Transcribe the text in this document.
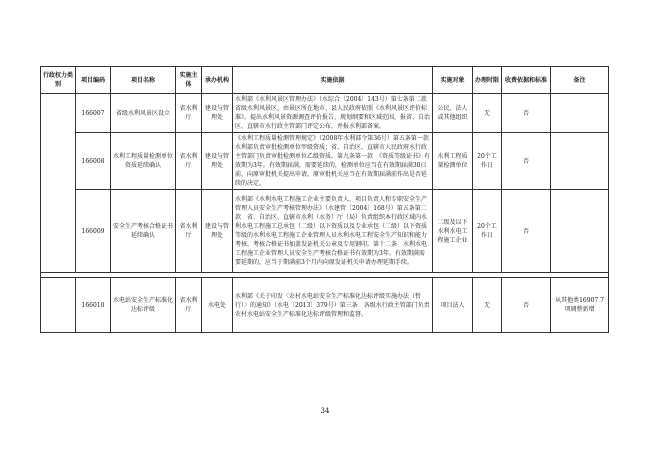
行政权力类别	项目编码	项目名称	实施主体	承办机构	实施依据	实施对象	办理时限	收费依据和标准	备注
	166007	省级水利风景区设立	省水利厅	建设与管理处	水利部《水利风景区管理办法》（水综合〔2004〕143号）第七条第二款　省级水利风景区，由景区所在地市、县人民政府依照《水利风景区评价标准》，提出水利风景资源调查评价报告、规划纲要和区域范围，报省、自治区、直辖市水行政主管部门评定公布，并报水利部备案。	公民、法人或其他组织	无	否	
	166008	水利工程质量检测单位资质延续确认	省水利厅	建设与管理处	《水利工程质量检测管理规定》（2008年水利部令第36号）第五条第一款　水利部负责审批检测单位甲级资质；省、自治区、直辖市人民政府水行政主管部门负责审批检测单位乙级资质。第九条第一款　《资质等级证书》有效期为3年。有效期届满，需要延续的，检测单位应当在有效期届满30日前，向原审批机关提出申请。原审批机关应当在有效期届满前作出是否延续的决定。	水利工程质量检测单位	20个工作日	否	
	166009	安全生产考核合格证书延续确认	省水利厅	建设与管理处	水利部《水利水电工程施工企业主要负责人、项目负责人和专职安全生产管理人员安全生产考核管理办法》（水建管〔2004〕168号）第五条第二款　省、自治区、直辖市水利（水务）厅（局）负责组织本行政区域内水利水电工程施工总承包（二级）以下资质以及专业承包（二级）以下资质等级的水利水电工程施工企业管理人员水利水电工程安全生产知识和能力考核，考核合格证书加盖发证机关公章及专用钢印。第十二条　水利水电工程施工企业管理人员安全生产考核合格证书有效期为3年。有效期满需要延期的，应当于期满前3个月内向原发证机关申请办理延期手续。	二级及以下水利水电工程施工企业	20个工作日	否	

	166010	水电站安全生产标准化达标评级	省水利厅	水电处	水利部《关于印发〈农村水电站安全生产标准化达标评级实施办法（暂行）〉的通知》（水电〔2013〕379号）第三条　各级水行政主管部门负责农村水电站安全生产标准化达标评级管理和监督。	项目法人	无	否	从其他类16907 7项调整新增
34
